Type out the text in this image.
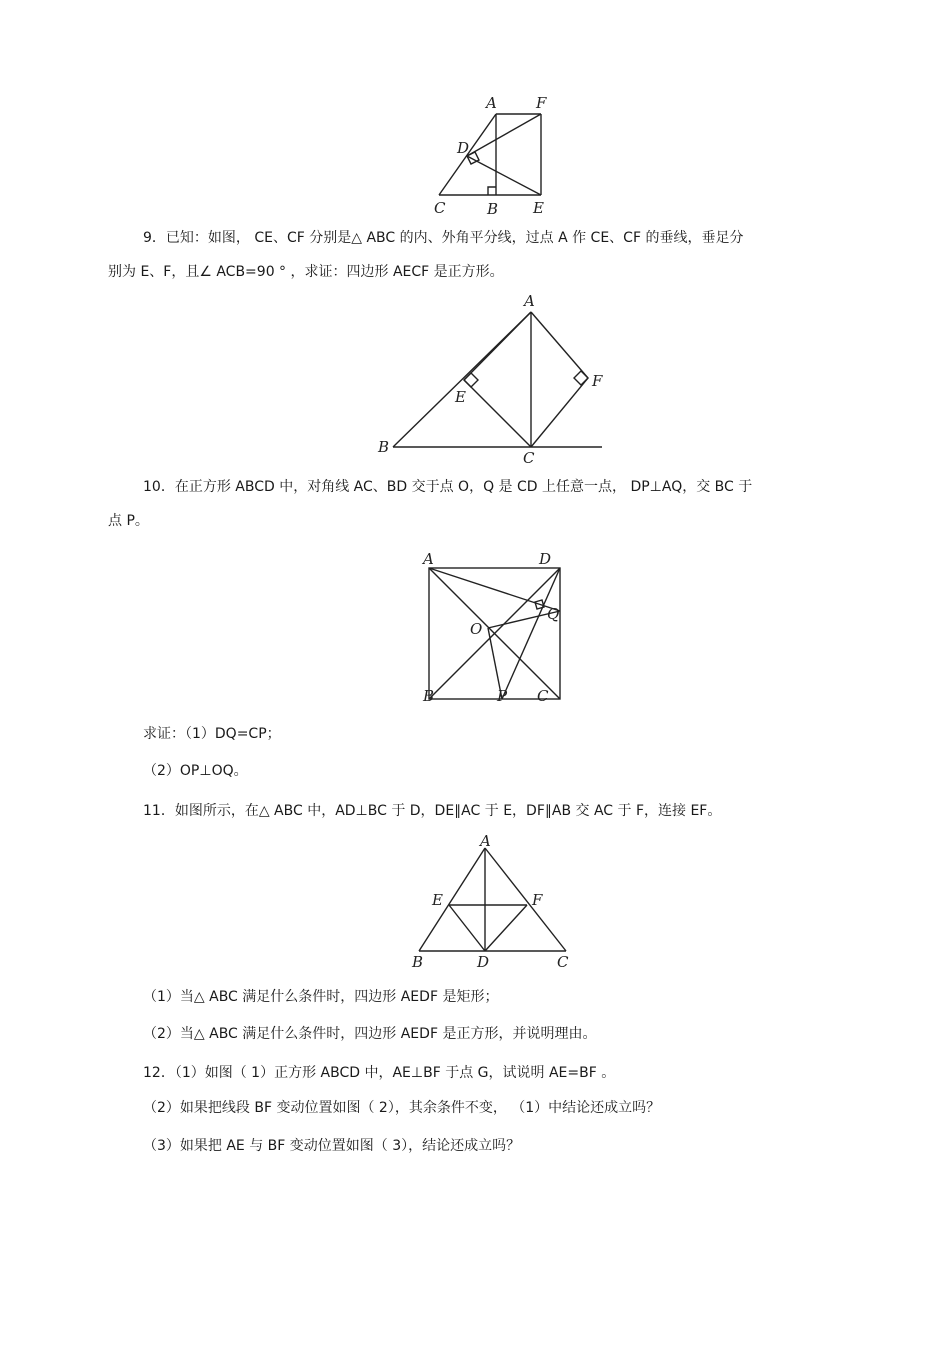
A	F
D
C	B E
9．已知：如图， CE、CF 分别是△ ABC 的内、外角平分线，过点 A 作 CE、CF 的垂线，垂足分
别为 E、F，且∠ ACB=90 ° ，求证：四边形 AECF 是正方形。
A
E
F
B
C
10．在正方形 ABCD 中，对角线 AC、BD 交于点 O，Q 是 CD 上任意一点， DP⊥AQ，交 BC 于
点 P。
A	D
Q
O
B	P C
求证：（1）DQ=CP；
（2）OP⊥OQ。
11．如图所示，在△ ABC 中，AD⊥BC 于 D，DE∥AC 于 E，DF∥AB 交 AC 于 F，连接 EF。
A
E	F
B	D	C
（1）当△ ABC 满足什么条件时，四边形 AEDF 是矩形；
（2）当△ ABC 满足什么条件时，四边形 AEDF 是正方形，并说明理由。
12．（1）如图（ 1）正方形 ABCD 中，AE⊥BF 于点 G，试说明 AE=BF 。
（2）如果把线段 BF 变动位置如图（ 2），其余条件不变， （1）中结论还成立吗？
（3）如果把 AE 与 BF 变动位置如图（ 3），结论还成立吗？
